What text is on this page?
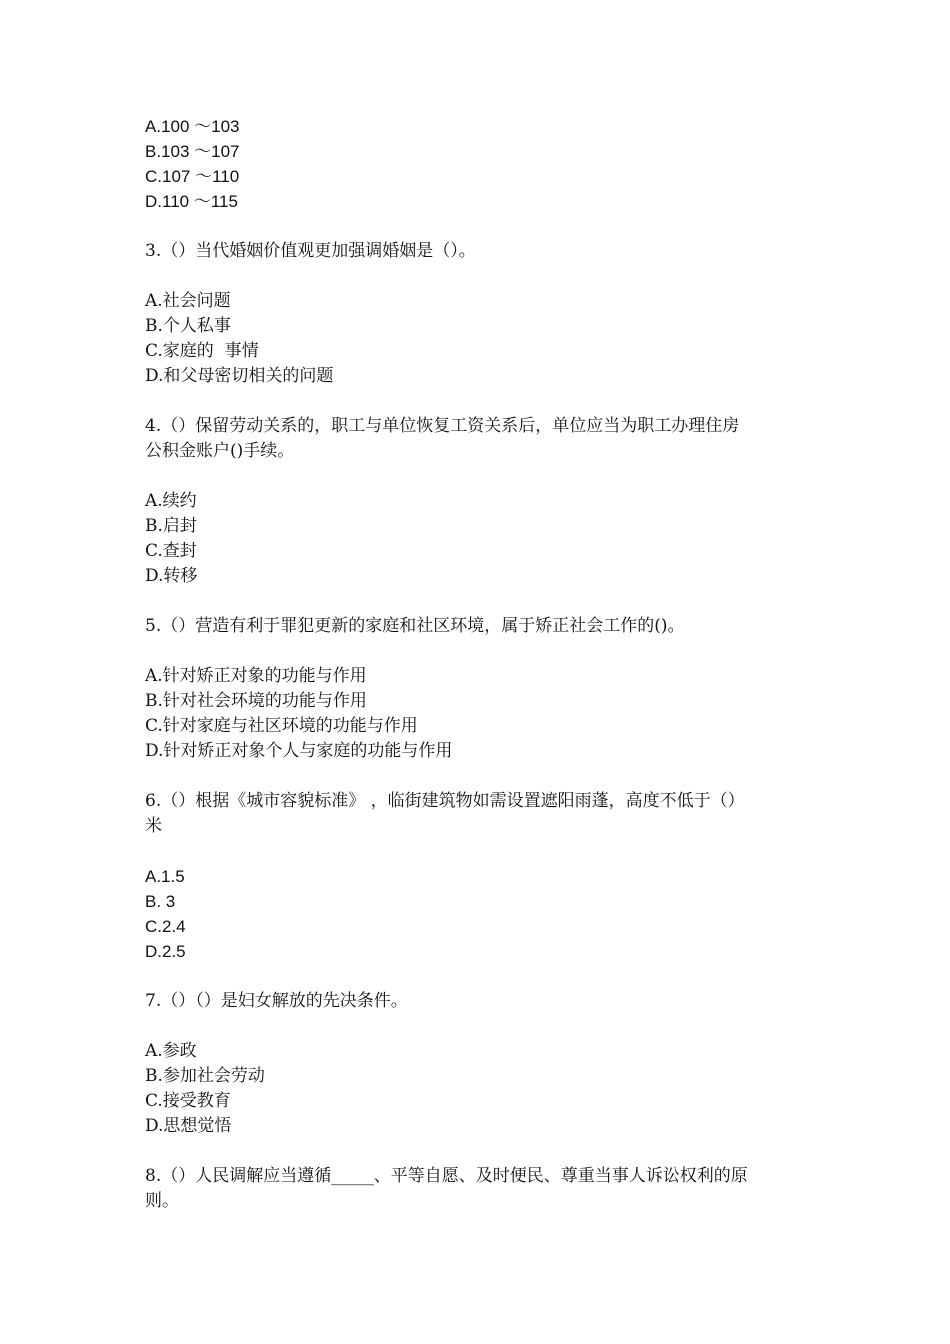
A.100 ～103
B.103 ～107
C.107 ～110
D.110 ～115
3.（）当代婚姻价值观更加强调婚姻是（）。
A.社会问题
B.个人私事
C.家庭的  事情
D.和父母密切相关的问题
4.（）保留劳动关系的，职工与单位恢复工资关系后，单位应当为职工办理住房
公积金账户()手续。
A.续约
B.启封
C.查封
D.转移
5.（）营造有利于罪犯更新的家庭和社区环境，属于矫正社会工作的()。
A.针对矫正对象的功能与作用
B.针对社会环境的功能与作用
C.针对家庭与社区环境的功能与作用
D.针对矫正对象个人与家庭的功能与作用
6.（）根据《城市容貌标准》 ，临街建筑物如需设置遮阳雨蓬，高度不低于（）
米
A.1.5
B. 3
C.2.4
D.2.5
7.（）（）是妇女解放的先决条件。
A.参政
B.参加社会劳动
C.接受教育
D.思想觉悟
8.（）人民调解应当遵循_____、平等自愿、及时便民、尊重当事人诉讼权利的原
则。
